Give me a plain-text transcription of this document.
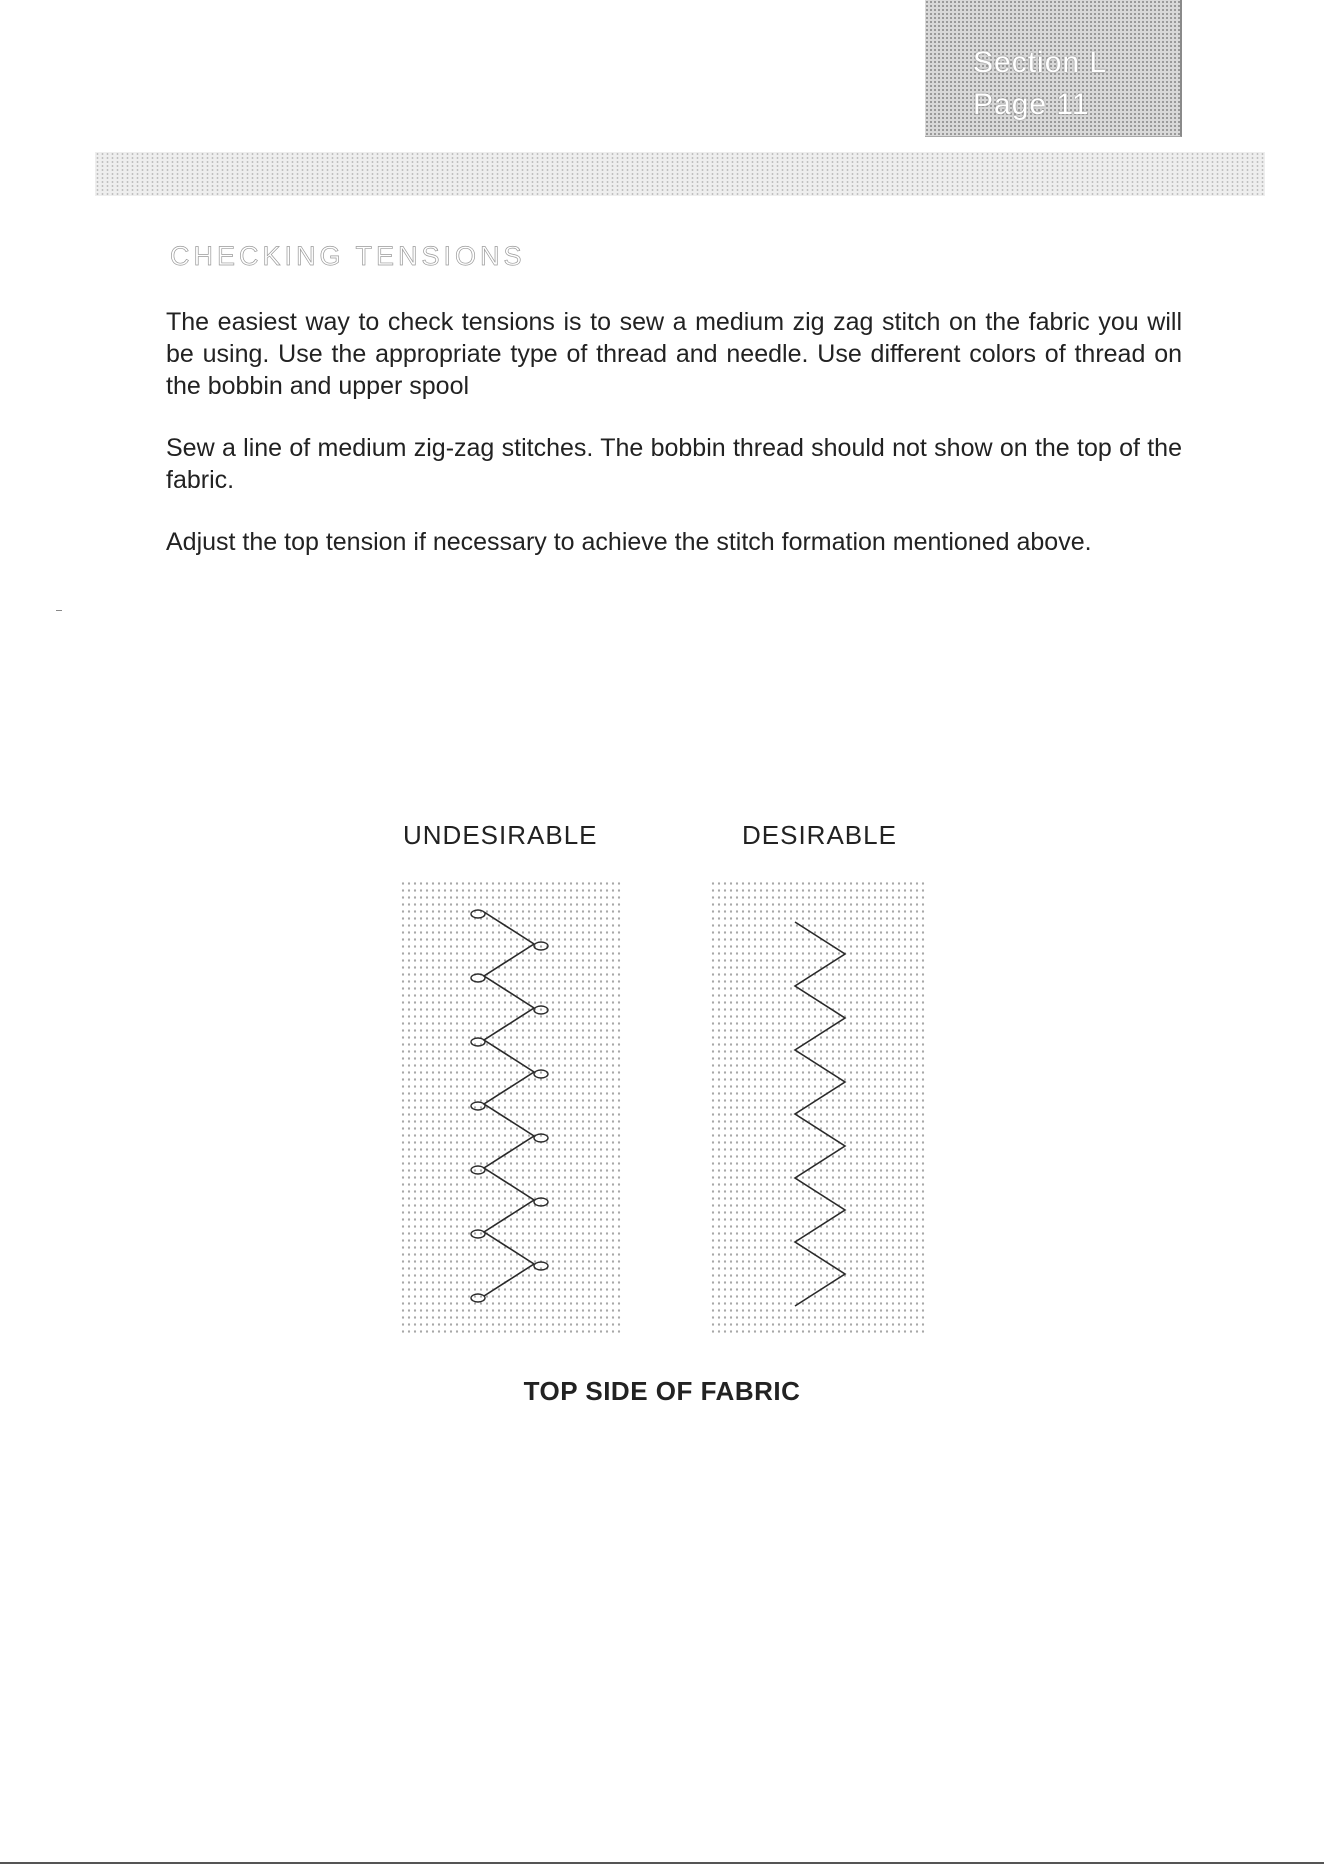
Section L
Page 11
CHECKING TENSIONS

The easiest way to check tensions is to sew a medium zig zag stitch on the fabric you will be using. Use the appropriate type of thread and needle. Use different colors of thread on the bobbin and upper spool

Sew a line of medium zig-zag stitches. The bobbin thread should not show on the top of the fabric.

Adjust the top tension if necessary to achieve the stitch formation mentioned above.

UNDESIRABLE	DESIRABLE
TOP SIDE OF FABRIC
